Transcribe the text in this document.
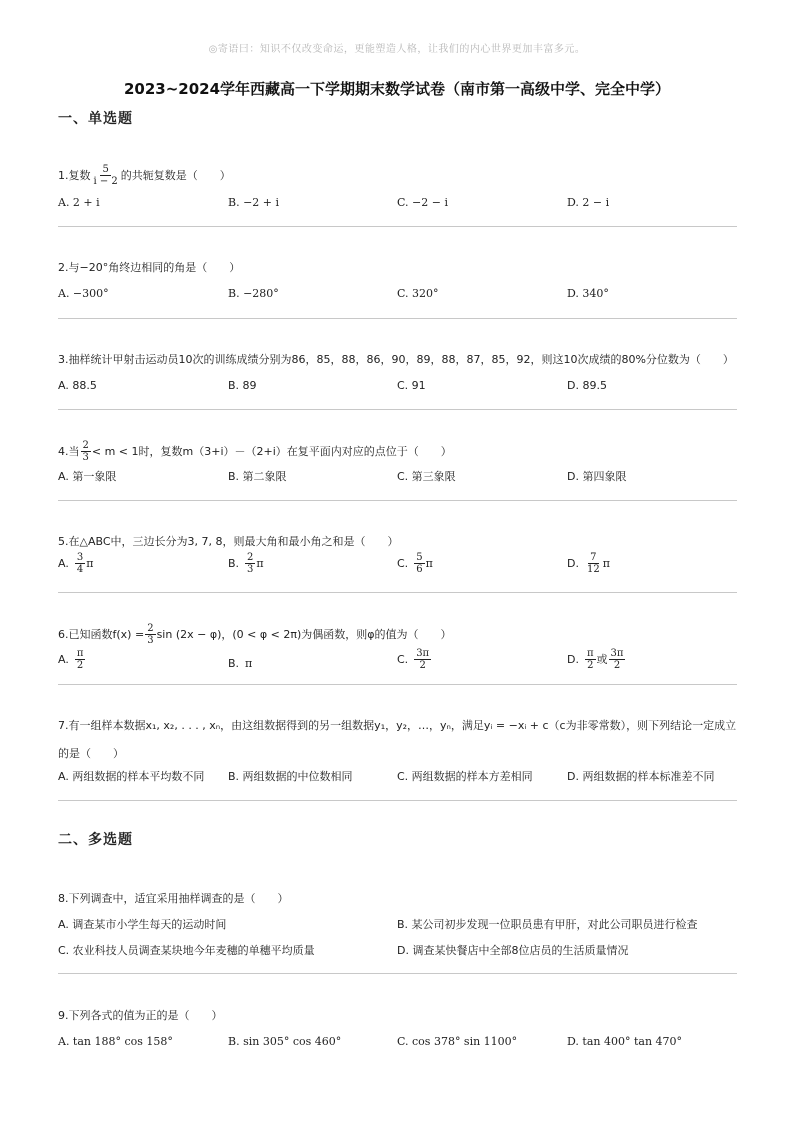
◎寄语曰：知识不仅改变命运，更能塑造人格，让我们的内心世界更加丰富多元。
2023~2024学年西藏高一下学期期末数学试卷（南市第一高级中学、完全中学）
一、单选题
1.复数 $\frac{5}{i - 2}$ 的共轭复数是（　　）
A. 2 + i	B. −2 + i	C. −2 − i	D. 2 − i
2.与−20°角终边相同的角是（　　）
A. −300°	B. −280°	C. 320°	D. 340°
3.抽样统计甲射击运动员10次的训练成绩分别为86，85，88，86，90，89，88，87，85，92，则这10次成绩的80%分位数为（　　）
A. 88.5	B. 89	C. 91	D. 89.5
4.当 $\frac{2}{3} < m < 1$时，复数m（3+i）－（2+i）在复平面内对应的点位于（　　）
A. 第一象限	B. 第二象限	C. 第三象限	D. 第四象限
5.在△ABC中，三边长分为3, 7, 8，则最大角和最小角之和是（　　）
A. $\frac{3}{4}$ π	B. $\frac{2}{3}$ π	C. $\frac{5}{6}$ π	D. $\frac{7}{12}$ π
6.已知函数$f(x) = \frac{2}{3}$ sin (2x − φ)，(0 < φ < 2π)为偶函数，则φ的值为（　　）
A. $\frac{\pi}{2}$	B. π	C. $\frac{3\pi}{2}$	D. $\frac{\pi}{2}$ 或 $\frac{3\pi}{2}$
7.有一组样本数据x₁, x₂, . . . , xₙ，由这组数据得到的另一组数据y₁，y₂，…，yₙ，满足yᵢ = −xᵢ + c（c为非零常数），则下列结论一定成立的是（　　）
A. 两组数据的样本平均数不同 B. 两组数据的中位数相同	C. 两组数据的样本方差相同	D. 两组数据的样本标准差不同
二、多选题
8.下列调查中，适宜采用抽样调查的是（　　）
A. 调查某市小学生每天的运动时间	B. 某公司初步发现一位职员患有甲肝，对此公司职员进行检查
C. 农业科技人员调查某块地今年麦穗的单穗平均质量	D. 调查某快餐店中全部8位店员的生活质量情况
9.下列各式的值为正的是（　　）
A. tan 188° cos 158°	B. sin 305° cos 460°	C. cos 378° sin 1100°	D. tan 400° tan 470°
